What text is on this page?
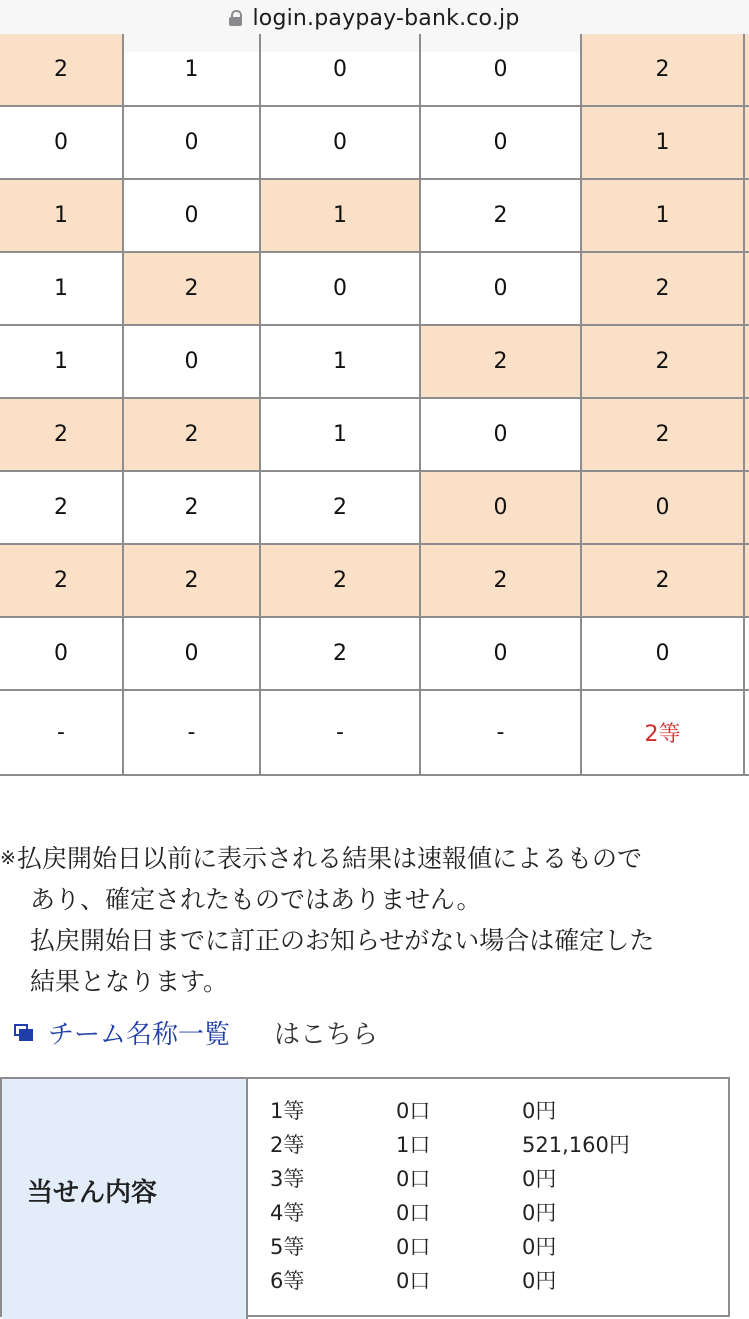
login.paypay-bank.co.jp
2	1	0	0	2
0	0	0	0	1
1	0	1	2	1
1	2	0	0	2
1	0	1	2	2
2	2	1	0	2
2	2	2	0	0
2	2	2	2	2
0	0	2	0	0
-	-	-	-	2等
※ 払戻開始日以前に表示される結果は速報値によるもので
あり、確定されたものではありません。
払戻開始日までに訂正のお知らせがない場合は確定した
結果となります。
チーム名称一覧 はこちら
当せん内容
1等	0口	0円
2等	1口	521,160円
3等	0口	0円
4等	0口	0円
5等	0口	0円
6等	0口	0円
